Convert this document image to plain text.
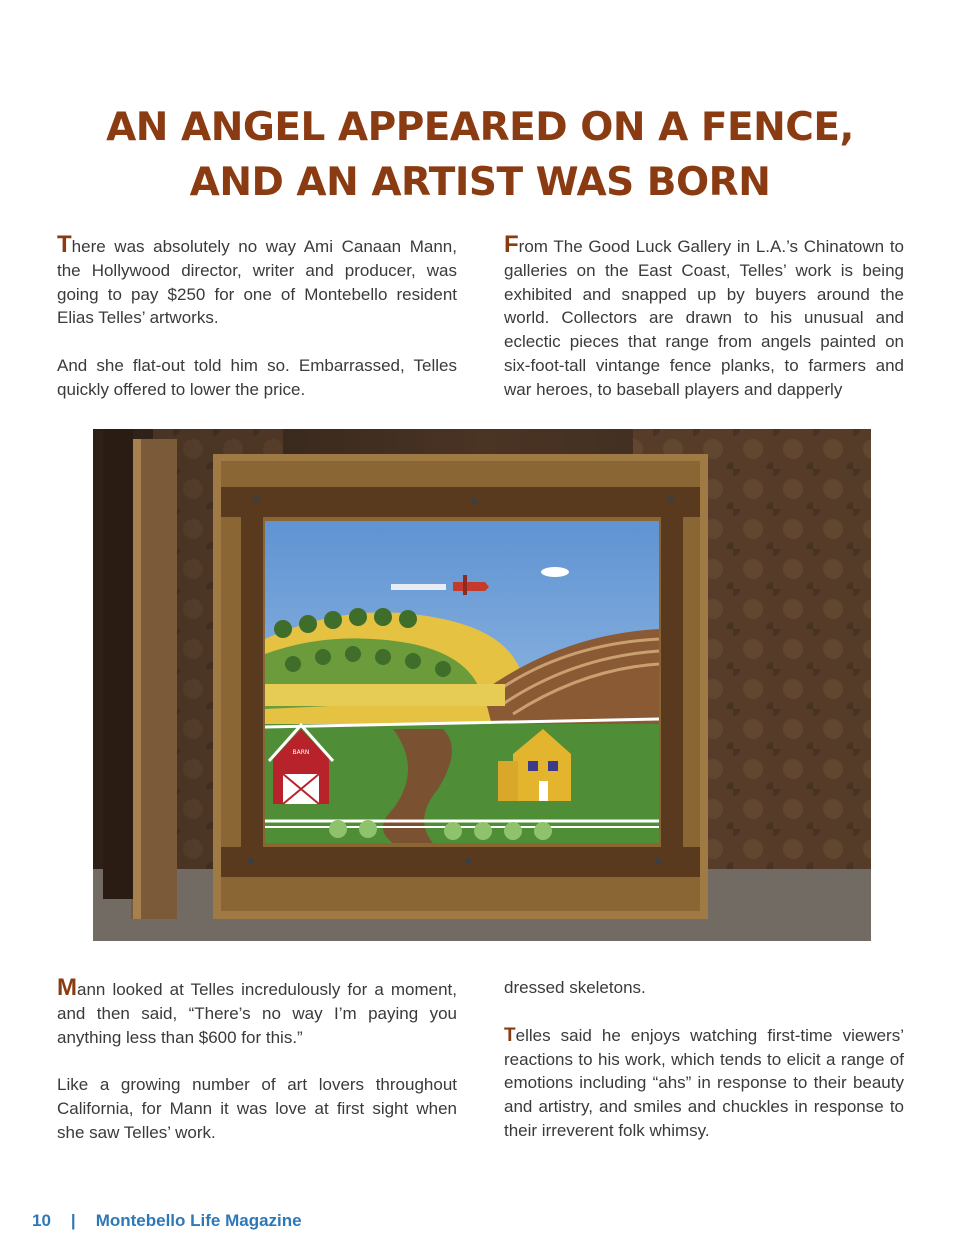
AN ANGEL APPEARED ON A FENCE,
AND AN ARTIST WAS BORN

There was absolutely no way Ami Canaan Mann, the Hollywood director, writer and producer, was going to pay $250 for one of Montebello resident Elias Telles’ artworks.

And she flat-out told him so. Embarrassed, Telles quickly offered to lower the price.

From The Good Luck Gallery in L.A.’s Chinatown to galleries on the East Coast, Telles’ work is being exhibited and snapped up by buyers around the world. Collectors are drawn to his unusual and eclectic pieces that range from angels painted on six-foot-tall vintange fence planks, to farmers and war heroes, to baseball players and dapperly

BARN

Mann looked at Telles incredulously for a moment, and then said, “There’s no way I’m paying you anything less than $600 for this.”

Like a growing number of art lovers throughout California, for Mann it was love at first sight when she saw Telles’ work.

dressed skeletons.

Telles said he enjoys watching first-time viewers’ reactions to his work, which tends to elicit a range of emotions including “ahs” in response to their beauty and artistry, and smiles and chuckles in response to their irreverent folk whimsy.

10 | Montebello Life Magazine
